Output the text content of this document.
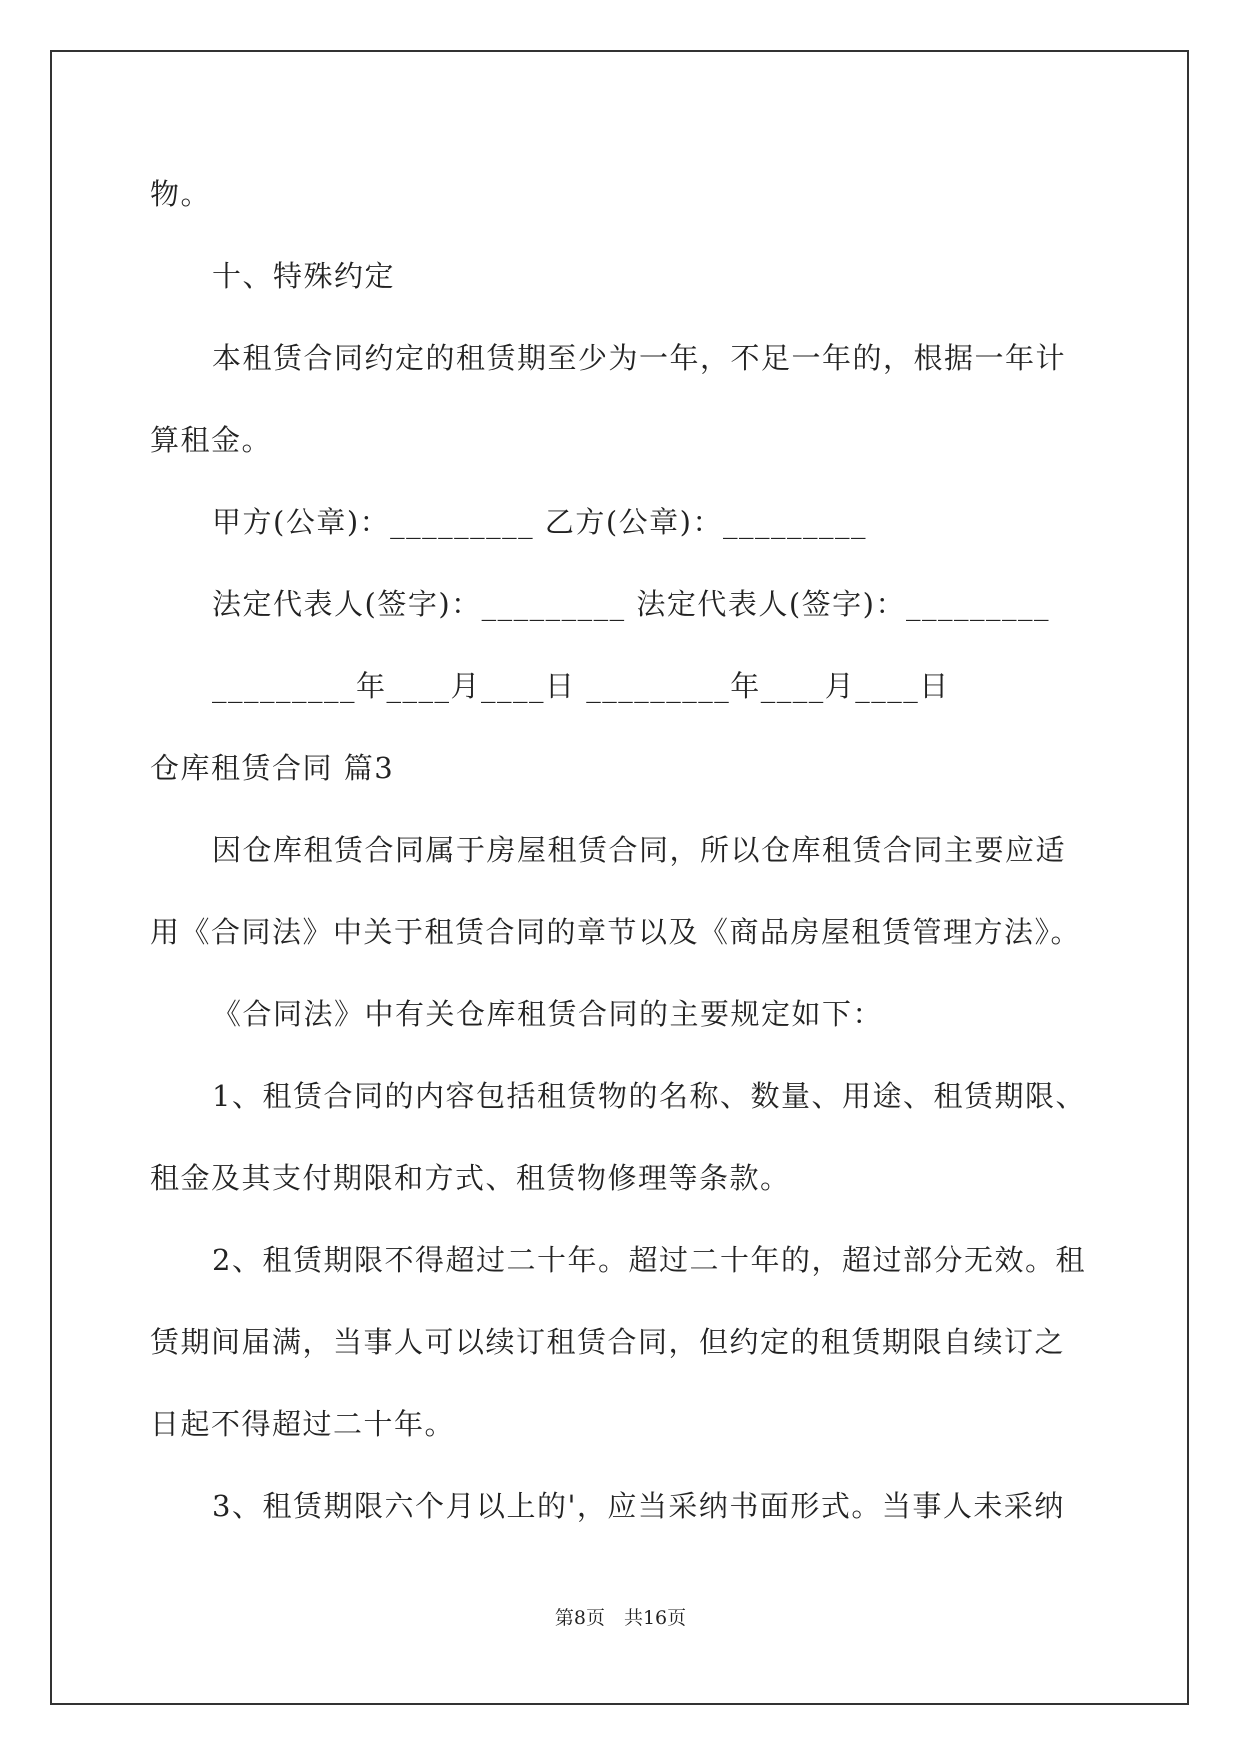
物。
十、特殊约定
本租赁合同约定的租赁期至少为一年，不足一年的，根据一年计
算租金。
甲方(公章)：_________ 乙方(公章)：_________
法定代表人(签字)：_________ 法定代表人(签字)：_________
_________年____月____日 _________年____月____日
仓库租赁合同 篇3
因仓库租赁合同属于房屋租赁合同，所以仓库租赁合同主要应适
用《合同法》中关于租赁合同的章节以及《商品房屋租赁管理方法》。
《合同法》中有关仓库租赁合同的主要规定如下：
1、租赁合同的内容包括租赁物的名称、数量、用途、租赁期限、
租金及其支付期限和方式、租赁物修理等条款。
2、租赁期限不得超过二十年。超过二十年的，超过部分无效。租
赁期间届满，当事人可以续订租赁合同，但约定的租赁期限自续订之
日起不得超过二十年。
3、租赁期限六个月以上的'，应当采纳书面形式。当事人未采纳
第8页　共16页
